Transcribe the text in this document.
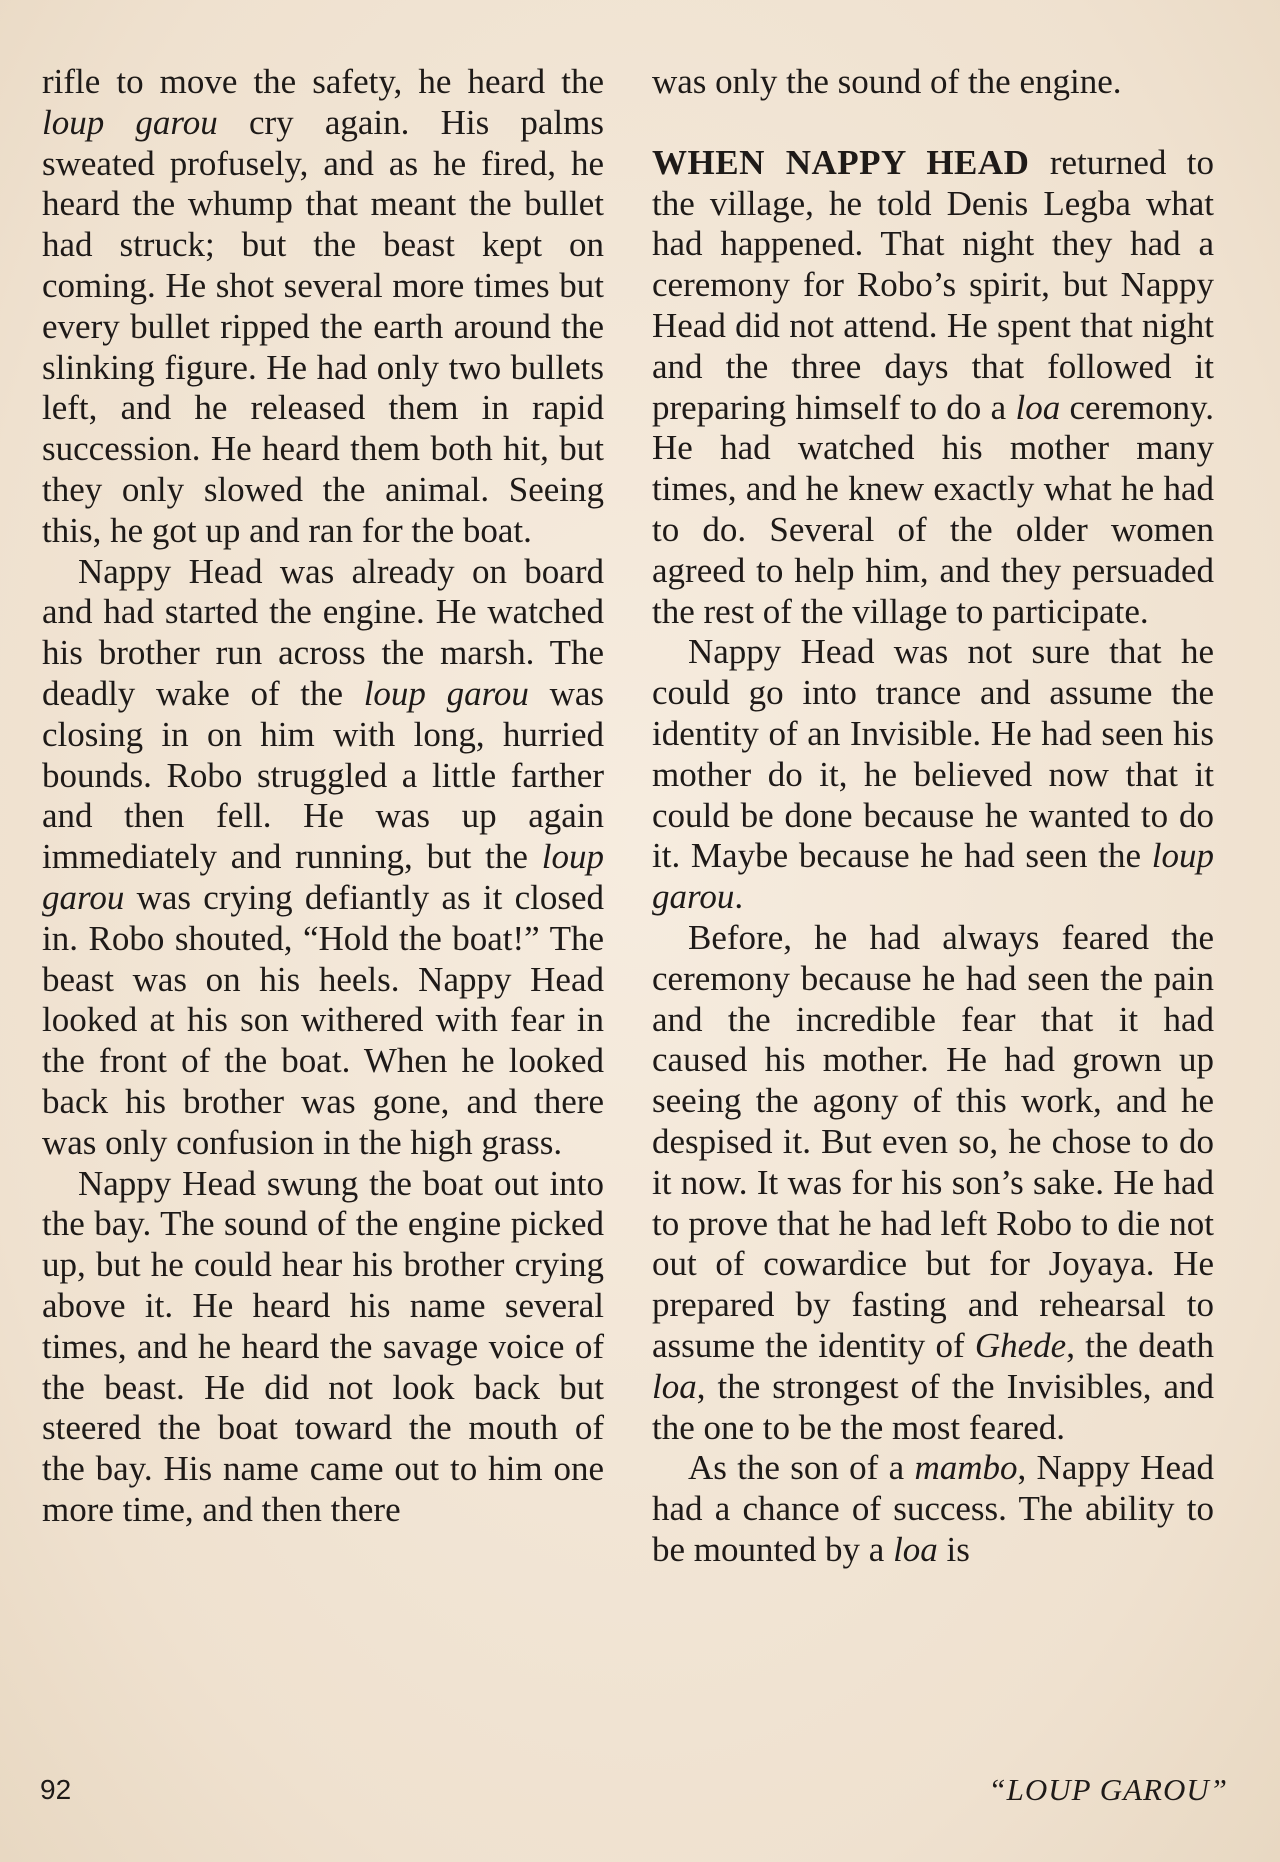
rifle to move the safety, he heard the loup garou cry again. His palms sweated profusely, and as he fired, he heard the whump that meant the bullet had struck; but the beast kept on coming. He shot several more times but every bullet ripped the earth around the slinking figure. He had only two bullets left, and he released them in rapid succession. He heard them both hit, but they only slowed the animal. Seeing this, he got up and ran for the boat.

Nappy Head was already on board and had started the engine. He watched his brother run across the marsh. The deadly wake of the loup garou was closing in on him with long, hurried bounds. Robo struggled a little farther and then fell. He was up again immediately and running, but the loup garou was crying defiantly as it closed in. Robo shouted, “Hold the boat!” The beast was on his heels. Nappy Head looked at his son withered with fear in the front of the boat. When he looked back his brother was gone, and there was only confusion in the high grass.

Nappy Head swung the boat out into the bay. The sound of the engine picked up, but he could hear his brother crying above it. He heard his name several times, and he heard the savage voice of the beast. He did not look back but steered the boat toward the mouth of the bay. His name came out to him one more time, and then there

was only the sound of the engine.

WHEN NAPPY HEAD returned to the village, he told Denis Legba what had happened. That night they had a ceremony for Robo’s spirit, but Nappy Head did not attend. He spent that night and the three days that followed it preparing himself to do a loa ceremony. He had watched his mother many times, and he knew exactly what he had to do. Several of the older women agreed to help him, and they persuaded the rest of the village to participate.

Nappy Head was not sure that he could go into trance and assume the identity of an Invisible. He had seen his mother do it, he believed now that it could be done because he wanted to do it. Maybe because he had seen the loup garou.

Before, he had always feared the ceremony because he had seen the pain and the incredible fear that it had caused his mother. He had grown up seeing the agony of this work, and he despised it. But even so, he chose to do it now. It was for his son’s sake. He had to prove that he had left Robo to die not out of cowardice but for Joyaya. He prepared by fasting and rehearsal to assume the identity of Ghede, the death loa, the strongest of the Invisibles, and the one to be the most feared.

As the son of a mambo, Nappy Head had a chance of success. The ability to be mounted by a loa is

92	“LOUP GAROU”
